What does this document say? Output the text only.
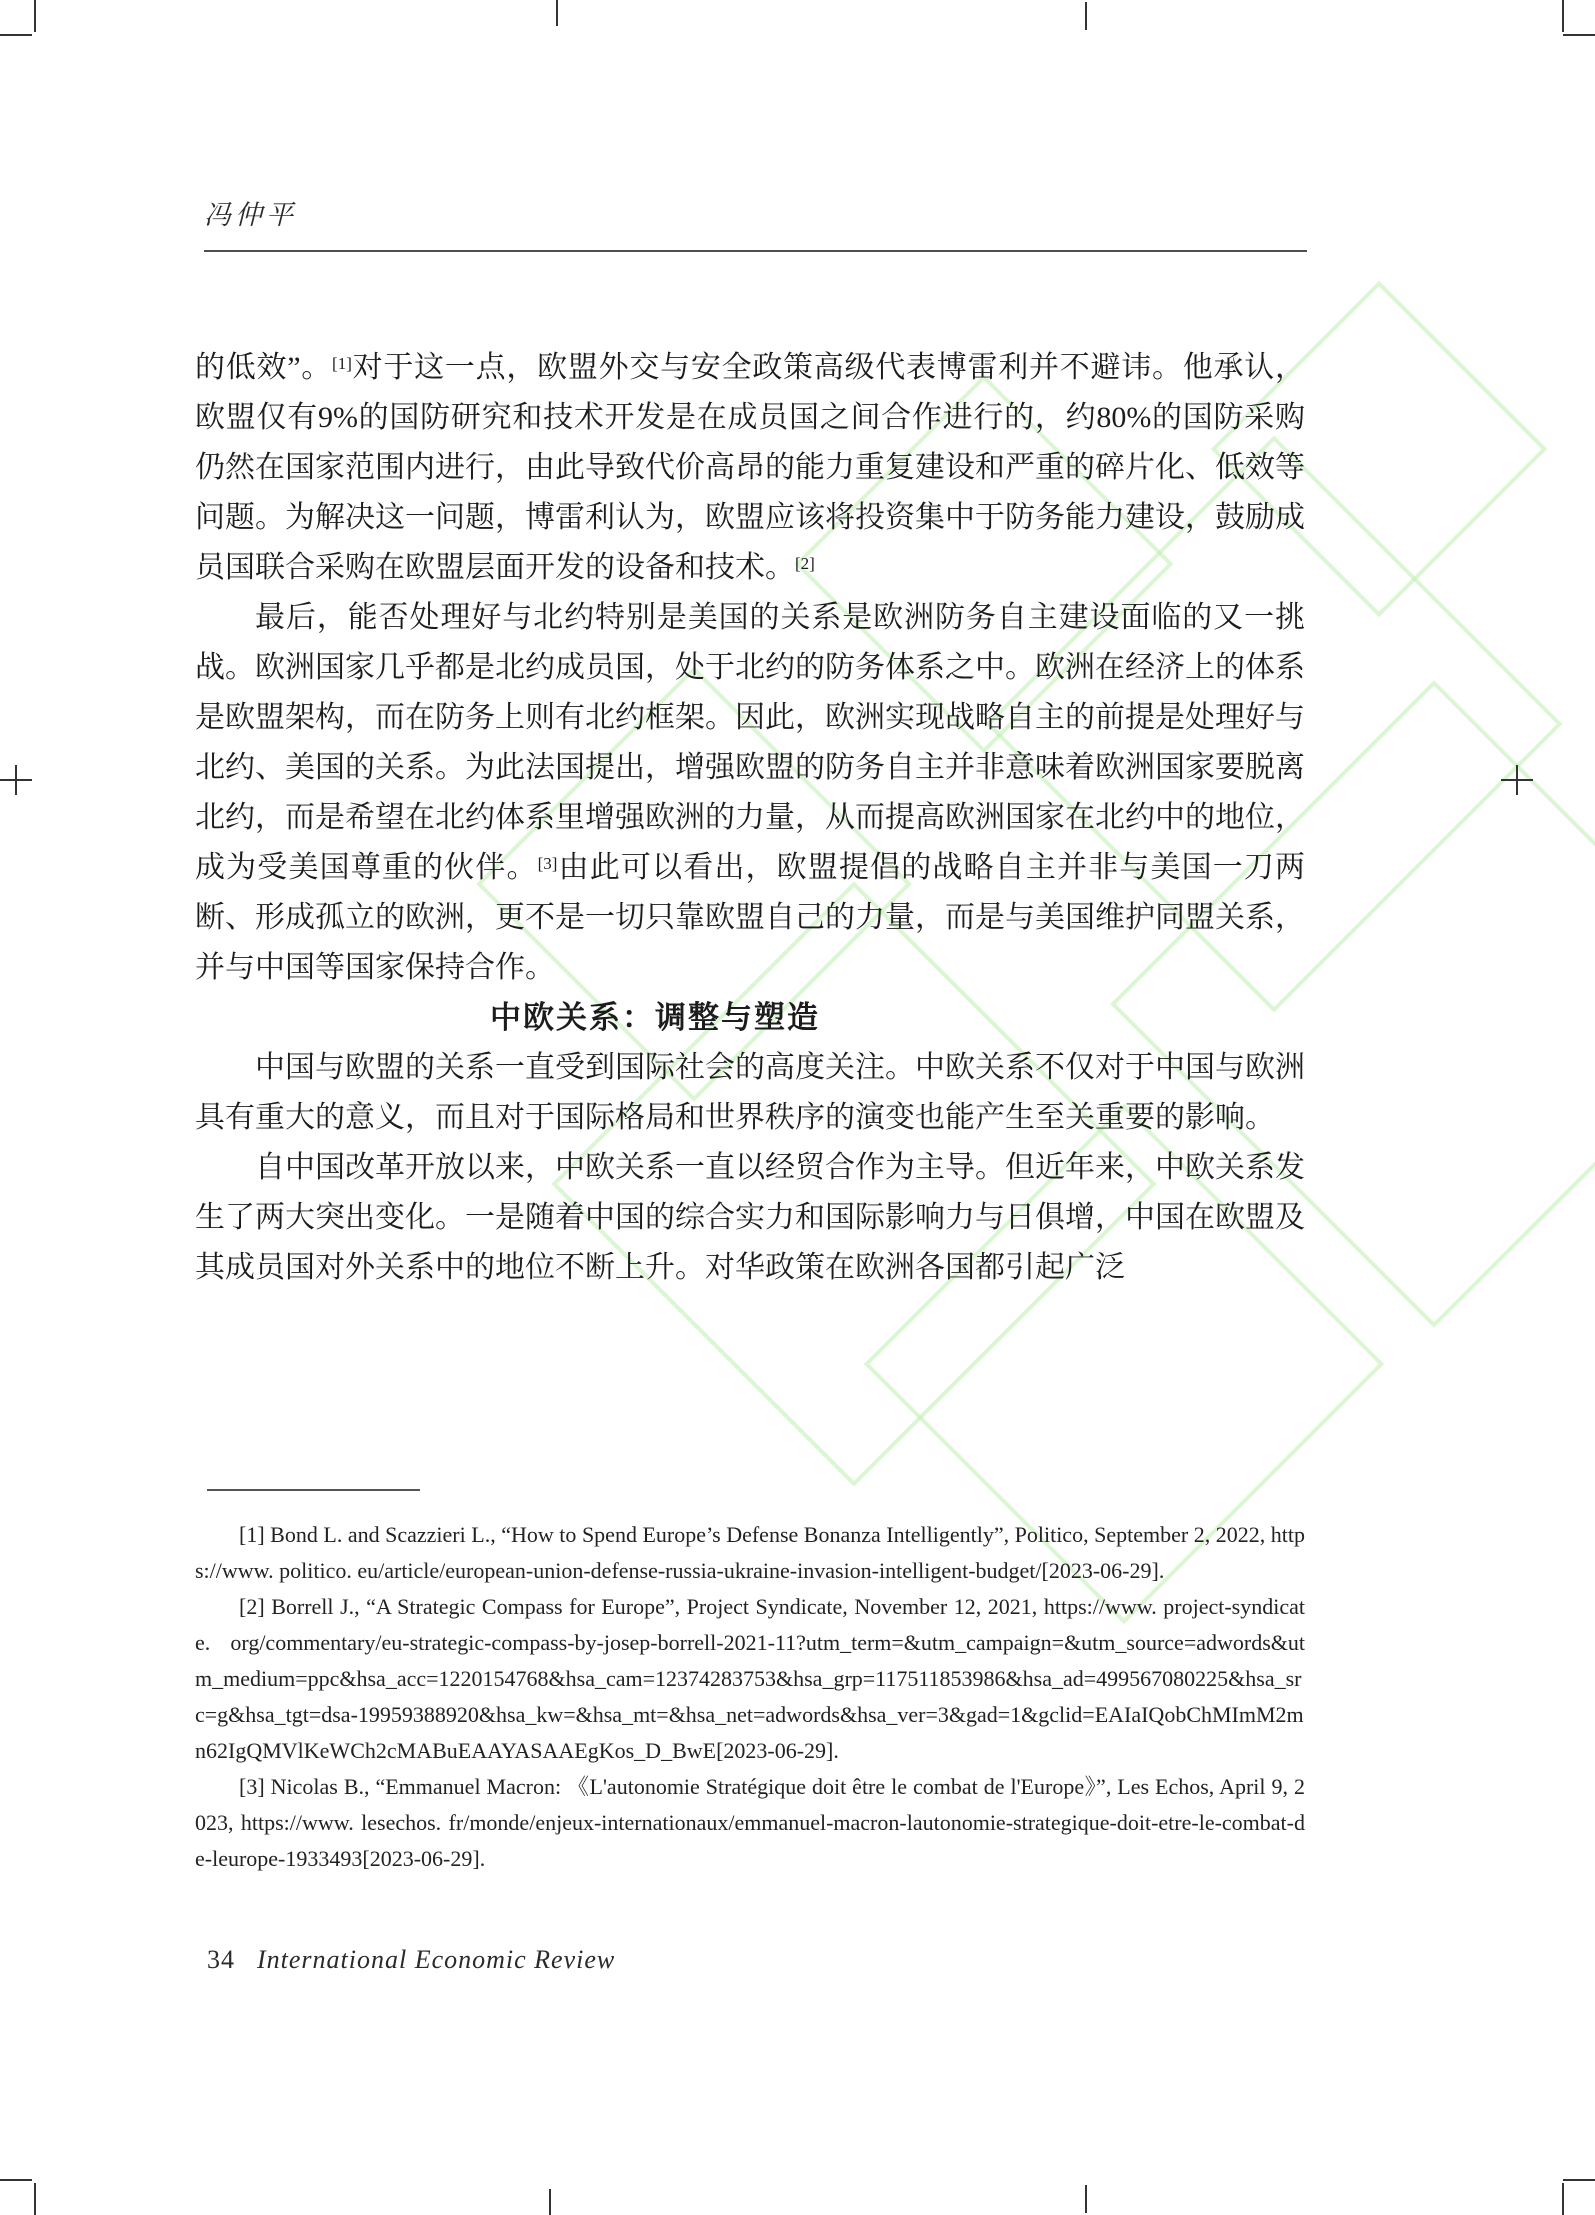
冯仲平

的低效”。[1]对于这一点，欧盟外交与安全政策高级代表博雷利并不避讳。他承认，欧盟仅有9%的国防研究和技术开发是在成员国之间合作进行的，约80%的国防采购仍然在国家范围内进行，由此导致代价高昂的能力重复建设和严重的碎片化、低效等问题。为解决这一问题，博雷利认为，欧盟应该将投资集中于防务能力建设，鼓励成员国联合采购在欧盟层面开发的设备和技术。[2]

最后，能否处理好与北约特别是美国的关系是欧洲防务自主建设面临的又一挑战。欧洲国家几乎都是北约成员国，处于北约的防务体系之中。欧洲在经济上的体系是欧盟架构，而在防务上则有北约框架。因此，欧洲实现战略自主的前提是处理好与北约、美国的关系。为此法国提出，增强欧盟的防务自主并非意味着欧洲国家要脱离北约，而是希望在北约体系里增强欧洲的力量，从而提高欧洲国家在北约中的地位，成为受美国尊重的伙伴。[3]由此可以看出，欧盟提倡的战略自主并非与美国一刀两断、形成孤立的欧洲，更不是一切只靠欧盟自己的力量，而是与美国维护同盟关系，并与中国等国家保持合作。

中欧关系：调整与塑造

中国与欧盟的关系一直受到国际社会的高度关注。中欧关系不仅对于中国与欧洲具有重大的意义，而且对于国际格局和世界秩序的演变也能产生至关重要的影响。

自中国改革开放以来，中欧关系一直以经贸合作为主导。但近年来，中欧关系发生了两大突出变化。一是随着中国的综合实力和国际影响力与日俱增，中国在欧盟及其成员国对外关系中的地位不断上升。对华政策在欧洲各国都引起广泛

[1] Bond L. and Scazzieri L., “How to Spend Europe’s Defense Bonanza Intelligently”, Politico, September 2, 2022, https://www. politico. eu/article/european-union-defense-russia-ukraine-invasion-intelligent-budget/[2023-06-29].

[2] Borrell J., “A Strategic Compass for Europe”, Project Syndicate, November 12, 2021, https://www. project-syndicate. org/commentary/eu-strategic-compass-by-josep-borrell-2021-11?utm_term=&utm_campaign=&utm_source=adwords&utm_medium=ppc&hsa_acc=1220154768&hsa_cam=12374283753&hsa_grp=117511853986&hsa_ad=499567080225&hsa_src=g&hsa_tgt=dsa-19959388920&hsa_kw=&hsa_mt=&hsa_net=adwords&hsa_ver=3&gad=1&gclid=EAIaIQobChMImM2mn62IgQMVlKeWCh2cMABuEAAYASAAEgKos_D_BwE[2023-06-29].

[3] Nicolas B., “Emmanuel Macron: 《L'autonomie Stratégique doit être le combat de l'Europe》”, Les Echos, April 9, 2023, https://www. lesechos. fr/monde/enjeux-internationaux/emmanuel-macron-lautonomie-strategique-doit-etre-le-combat-de-leurope-1933493[2023-06-29].

34 International Economic Review
